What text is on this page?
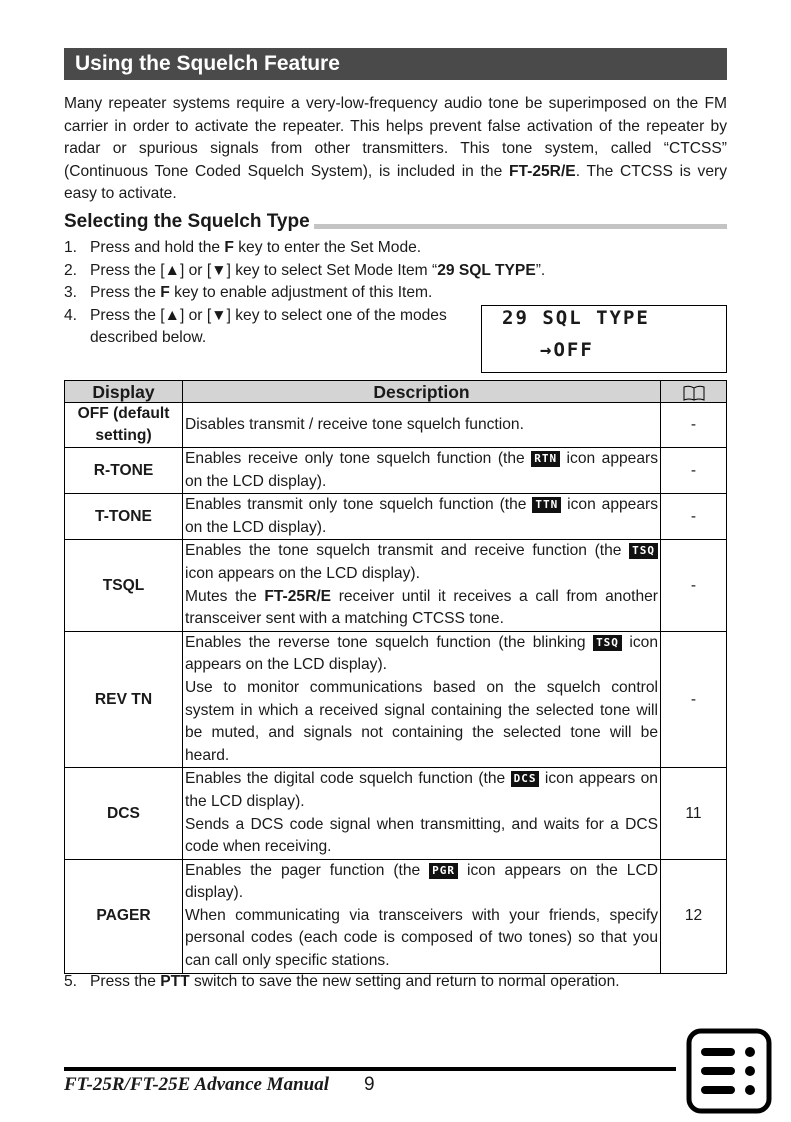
Using the Squelch Feature

Many repeater systems require a very-low-frequency audio tone be superimposed on the FM carrier in order to activate the repeater. This helps prevent false activation of the repeater by radar or spurious signals from other transmitters. This tone system, called “CTCSS” (Continuous Tone Coded Squelch System), is included in the FT-25R/E. The CTCSS is very easy to activate.

Selecting the Squelch Type
1. Press and hold the F key to enter the Set Mode.
2. Press the [▲] or [▼] key to select Set Mode Item “29 SQL TYPE”.
3. Press the F key to enable adjustment of this Item.
4. Press the [▲] or [▼] key to select one of the modes described below.
29 SQL TYPE
→OFF
Display	Description	
OFF (default setting)	Disables transmit / receive tone squelch function.	-
R-TONE	Enables receive only tone squelch function (the RTN icon appears on the LCD display).	-
T-TONE	Enables transmit only tone squelch function (the TTN icon appears on the LCD display).	-
TSQL	Enables the tone squelch transmit and receive function (the TSQ icon appears on the LCD display).
Mutes the FT-25R/E receiver until it receives a call from another transceiver sent with a matching CTCSS tone.	-
REV TN	Enables the reverse tone squelch function (the blinking TSQ icon appears on the LCD display).
Use to monitor communications based on the squelch control system in which a received signal containing the selected tone will be muted, and signals not containing the selected tone will be heard.	-
DCS	Enables the digital code squelch function (the DCS icon appears on the LCD display).
Sends a DCS code signal when transmitting, and waits for a DCS code when receiving.	11
PAGER	Enables the pager function (the PGR icon appears on the LCD display).
When communicating via transceivers with your friends, specify personal codes (each code is composed of two tones) so that you can call only specific stations.	12
5. Press the PTT switch to save the new setting and return to normal operation.
FT-25R/FT-25E Advance Manual 9
